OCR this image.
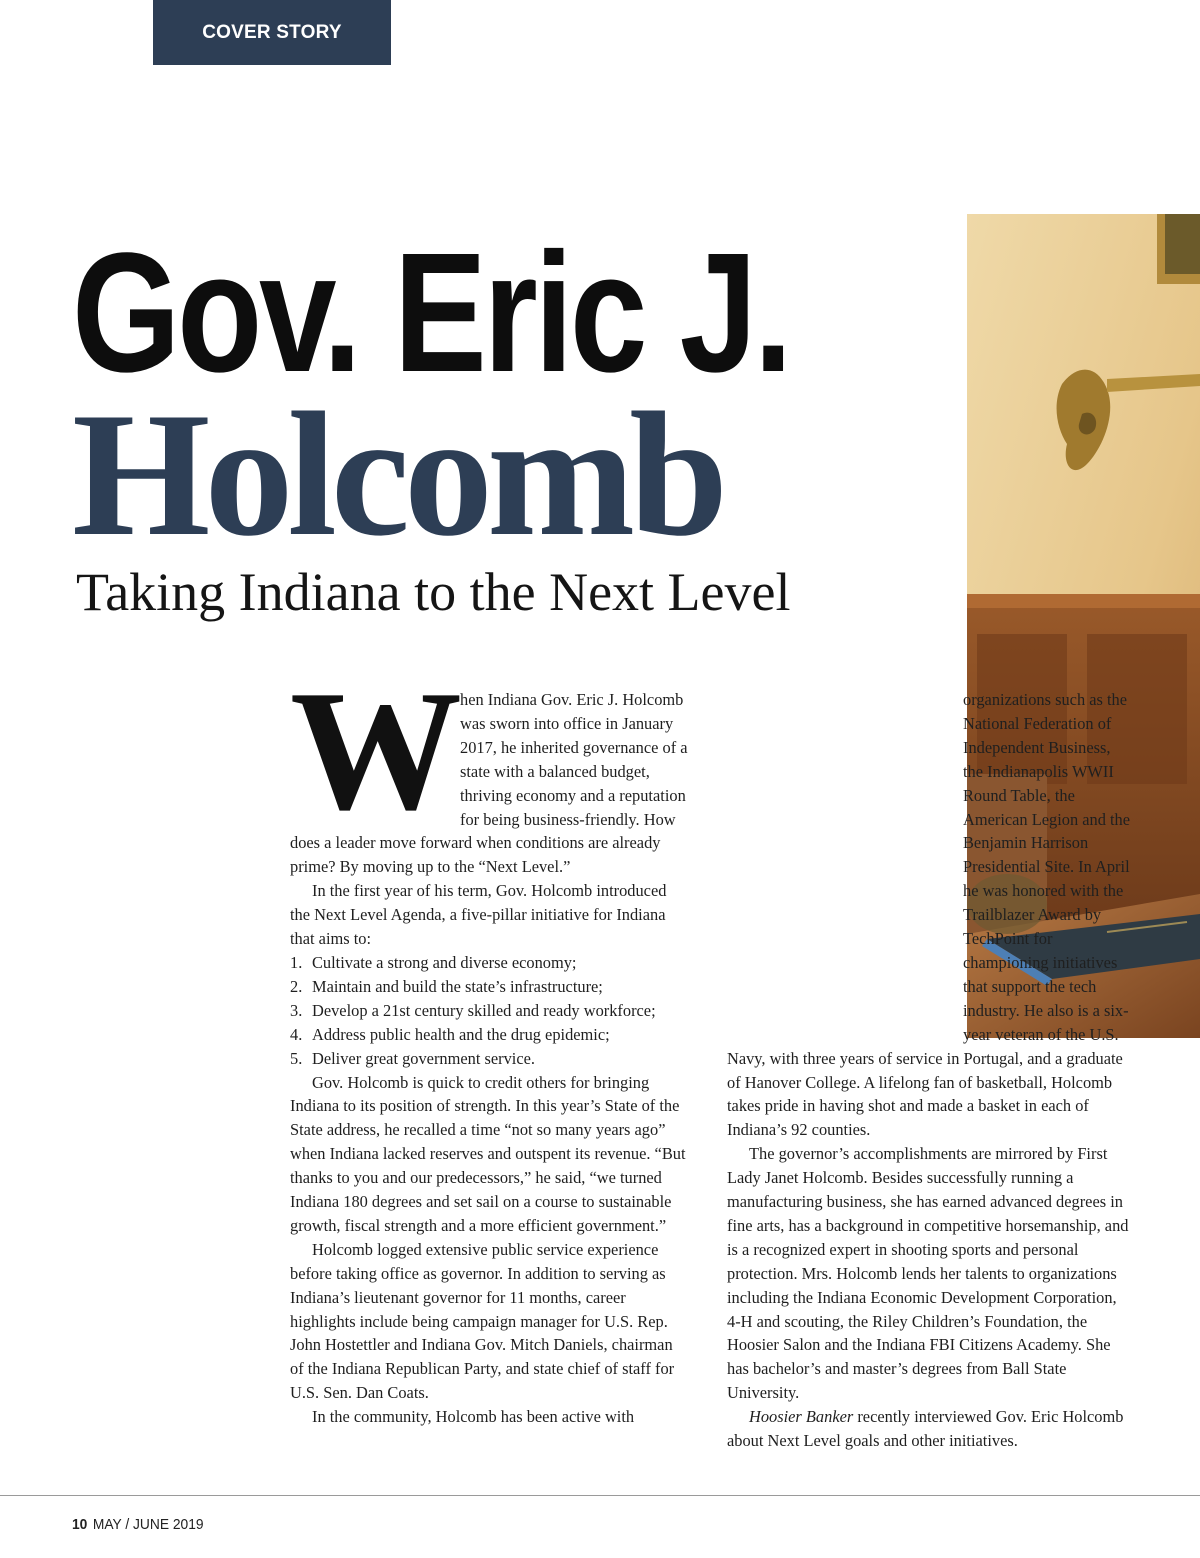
COVER STORY
Gov. Eric J.
Holcomb
Taking Indiana to the Next Level

When Indiana Gov. Eric J. Holcomb was sworn into office in January 2017, he inherited governance of a state with a balanced budget, thriving economy and a reputation for being business-friendly. How does a leader move forward when conditions are already prime? By moving up to the “Next Level.”

In the first year of his term, Gov. Holcomb introduced the Next Level Agenda, a five-pillar initiative for Indiana that aims to:

1. Cultivate a strong and diverse economy;
2. Maintain and build the state’s infrastructure;
3. Develop a 21st century skilled and ready workforce;
4. Address public health and the drug epidemic;
5. Deliver great government service.

Gov. Holcomb is quick to credit others for bringing Indiana to its position of strength. In this year’s State of the State address, he recalled a time “not so many years ago” when Indiana lacked reserves and outspent its revenue. “But thanks to you and our predecessors,” he said, “we turned Indiana 180 degrees and set sail on a course to sustainable growth, fiscal strength and a more efficient government.”

Holcomb logged extensive public service experience before taking office as governor. In addition to serving as Indiana’s lieutenant governor for 11 months, career highlights include being campaign manager for U.S. Rep. John Hostettler and Indiana Gov. Mitch Daniels, chairman of the Indiana Republican Party, and state chief of staff for U.S. Sen. Dan Coats.

In the community, Holcomb has been active with

organizations such as the National Federation of Independent Business, the Indianapolis WWII Round Table, the American Legion and the Benjamin Harrison Presidential Site. In April he was honored with the Trailblazer Award by TechPoint for championing initiatives that support the tech industry. He also is a six-year veteran of the U.S. Navy, with three years of service in Portugal, and a graduate of Hanover College. A lifelong fan of basketball, Holcomb takes pride in having shot and made a basket in each of Indiana’s 92 counties.

The governor’s accomplishments are mirrored by First Lady Janet Holcomb. Besides successfully running a manufacturing business, she has earned advanced degrees in fine arts, has a background in competitive horsemanship, and is a recognized expert in shooting sports and personal protection. Mrs. Holcomb lends her talents to organizations including the Indiana Economic Development Corporation, 4-H and scouting, the Riley Children’s Foundation, the Hoosier Salon and the Indiana FBI Citizens Academy. She has bachelor’s and master’s degrees from Ball State University.

Hoosier Banker recently interviewed Gov. Eric Holcomb about Next Level goals and other initiatives.

10 MAY / JUNE 2019
